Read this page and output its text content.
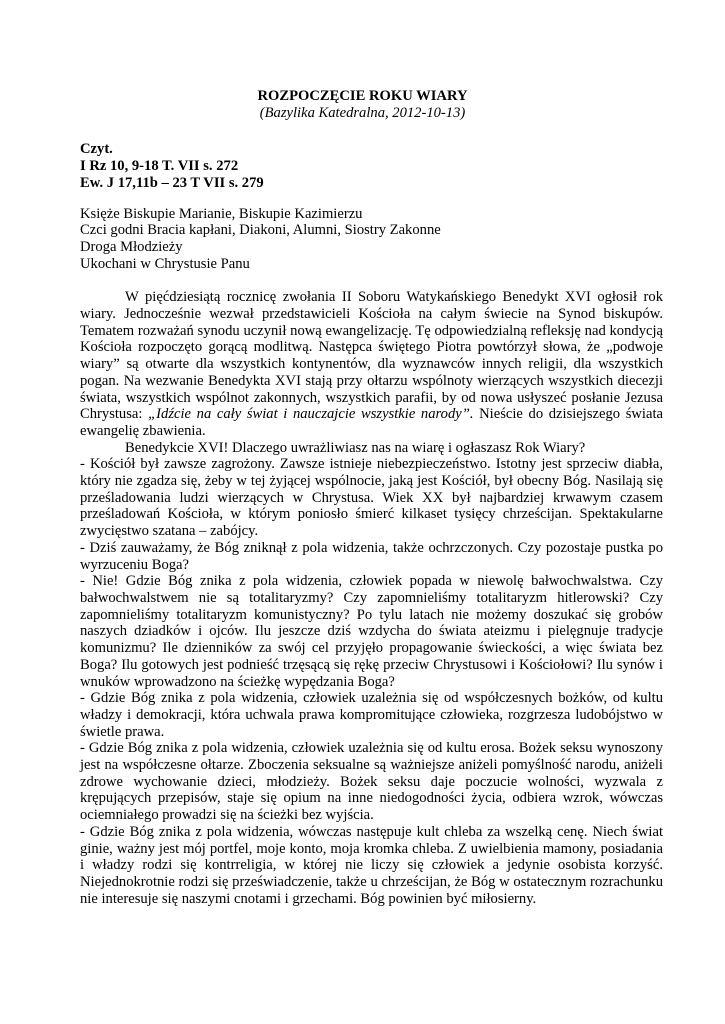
ROZPOCZĘCIE ROKU WIARY
(Bazylika Katedralna, 2012-10-13)
Czyt.
I Rz 10, 9-18 T. VII s. 272
Ew. J 17,11b – 23 T VII s. 279
Księże Biskupie Marianie, Biskupie Kazimierzu
Czci godni Bracia kapłani, Diakoni, Alumni, Siostry Zakonne
Droga Młodzieży
Ukochani w Chrystusie Panu

W pięćdziesiątą rocznicę zwołania II Soboru Watykańskiego Benedykt XVI ogłosił rok wiary. Jednocześnie wezwał przedstawicieli Kościoła na całym świecie na Synod biskupów. Tematem rozważań synodu uczynił nową ewangelizację. Tę odpowiedzialną refleksję nad kondycją Kościoła rozpoczęto gorącą modlitwą. Następca świętego Piotra powtórzył słowa, że „podwoje wiary” są otwarte dla wszystkich kontynentów, dla wyznawców innych religii, dla wszystkich pogan. Na wezwanie Benedykta XVI stają przy ołtarzu wspólnoty wierzących wszystkich diecezji świata, wszystkich wspólnot zakonnych, wszystkich parafii, by od nowa usłyszeć posłanie Jezusa Chrystusa: „Idźcie na cały świat i nauczajcie wszystkie narody”. Nieście do dzisiejszego świata ewangelię zbawienia.

Benedykcie XVI! Dlaczego uwrażliwiasz nas na wiarę i ogłaszasz Rok Wiary?

- Kościół był zawsze zagrożony. Zawsze istnieje niebezpieczeństwo. Istotny jest sprzeciw diabła, który nie zgadza się, żeby w tej żyjącej wspólnocie, jaką jest Kościół, był obecny Bóg. Nasilają się prześladowania ludzi wierzących w Chrystusa. Wiek XX był najbardziej krwawym czasem prześladowań Kościoła, w którym poniosło śmierć kilkaset tysięcy chrześcijan. Spektakularne zwycięstwo szatana – zabójcy.

- Dziś zauważamy, że Bóg zniknął z pola widzenia, także ochrzczonych. Czy pozostaje pustka po wyrzuceniu Boga?

- Nie! Gdzie Bóg znika z pola widzenia, człowiek popada w niewolę bałwochwalstwa. Czy bałwochwalstwem nie są totalitaryzmy? Czy zapomnieliśmy totalitaryzm hitlerowski? Czy zapomnieliśmy totalitaryzm komunistyczny? Po tylu latach nie możemy doszukać się grobów naszych dziadków i ojców. Ilu jeszcze dziś wzdycha do świata ateizmu i pielęgnuje tradycje komunizmu? Ile dzienników za swój cel przyjęło propagowanie świeckości, a więc świata bez Boga? Ilu gotowych jest podnieść trzęsącą się rękę przeciw Chrystusowi i Kościołowi? Ilu synów i wnuków wprowadzono na ścieżkę wypędzania Boga?

- Gdzie Bóg znika z pola widzenia, człowiek uzależnia się od współczesnych bożków, od kultu władzy i demokracji, która uchwala prawa kompromitujące człowieka, rozgrzesza ludobójstwo w świetle prawa.

- Gdzie Bóg znika z pola widzenia, człowiek uzależnia się od kultu erosa. Bożek seksu wynoszony jest na współczesne ołtarze. Zboczenia seksualne są ważniejsze aniżeli pomyślność narodu, aniżeli zdrowe wychowanie dzieci, młodzieży. Bożek seksu daje poczucie wolności, wyzwala z krępujących przepisów, staje się opium na inne niedogodności życia, odbiera wzrok, wówczas ociemniałego prowadzi się na ścieżki bez wyjścia.

- Gdzie Bóg znika z pola widzenia, wówczas następuje kult chleba za wszelką cenę. Niech świat ginie, ważny jest mój portfel, moje konto, moja kromka chleba. Z uwielbienia mamony, posiadania i władzy rodzi się kontrreligia, w której nie liczy się człowiek a jedynie osobista korzyść. Niejednokrotnie rodzi się przeświadczenie, także u chrześcijan, że Bóg w ostatecznym rozrachunku nie interesuje się naszymi cnotami i grzechami. Bóg powinien być miłosierny.
